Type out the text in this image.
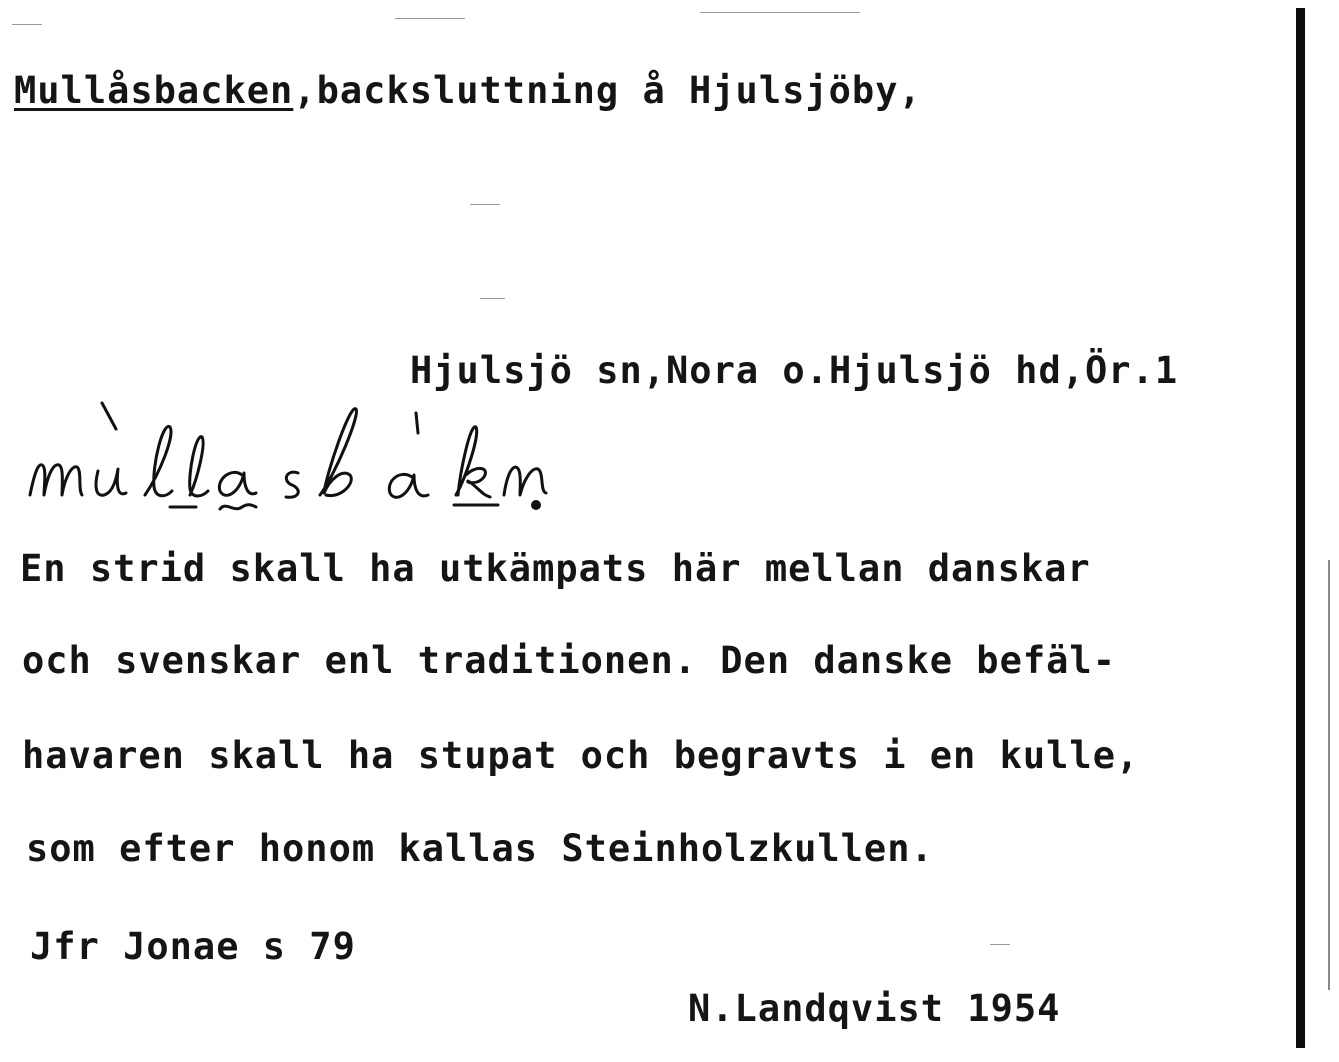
Mullåsbacken,backsluttning å Hjulsjöby,
Hjulsjö sn,Nora o.Hjulsjö hd,Ör.1
En strid skall ha utkämpats här mellan danskar
och svenskar enl traditionen. Den danske befäl-
havaren skall ha stupat och begravts i en kulle,
som efter honom kallas Steinholzkullen.
Jfr Jonae s 79
N.Landqvist 1954
